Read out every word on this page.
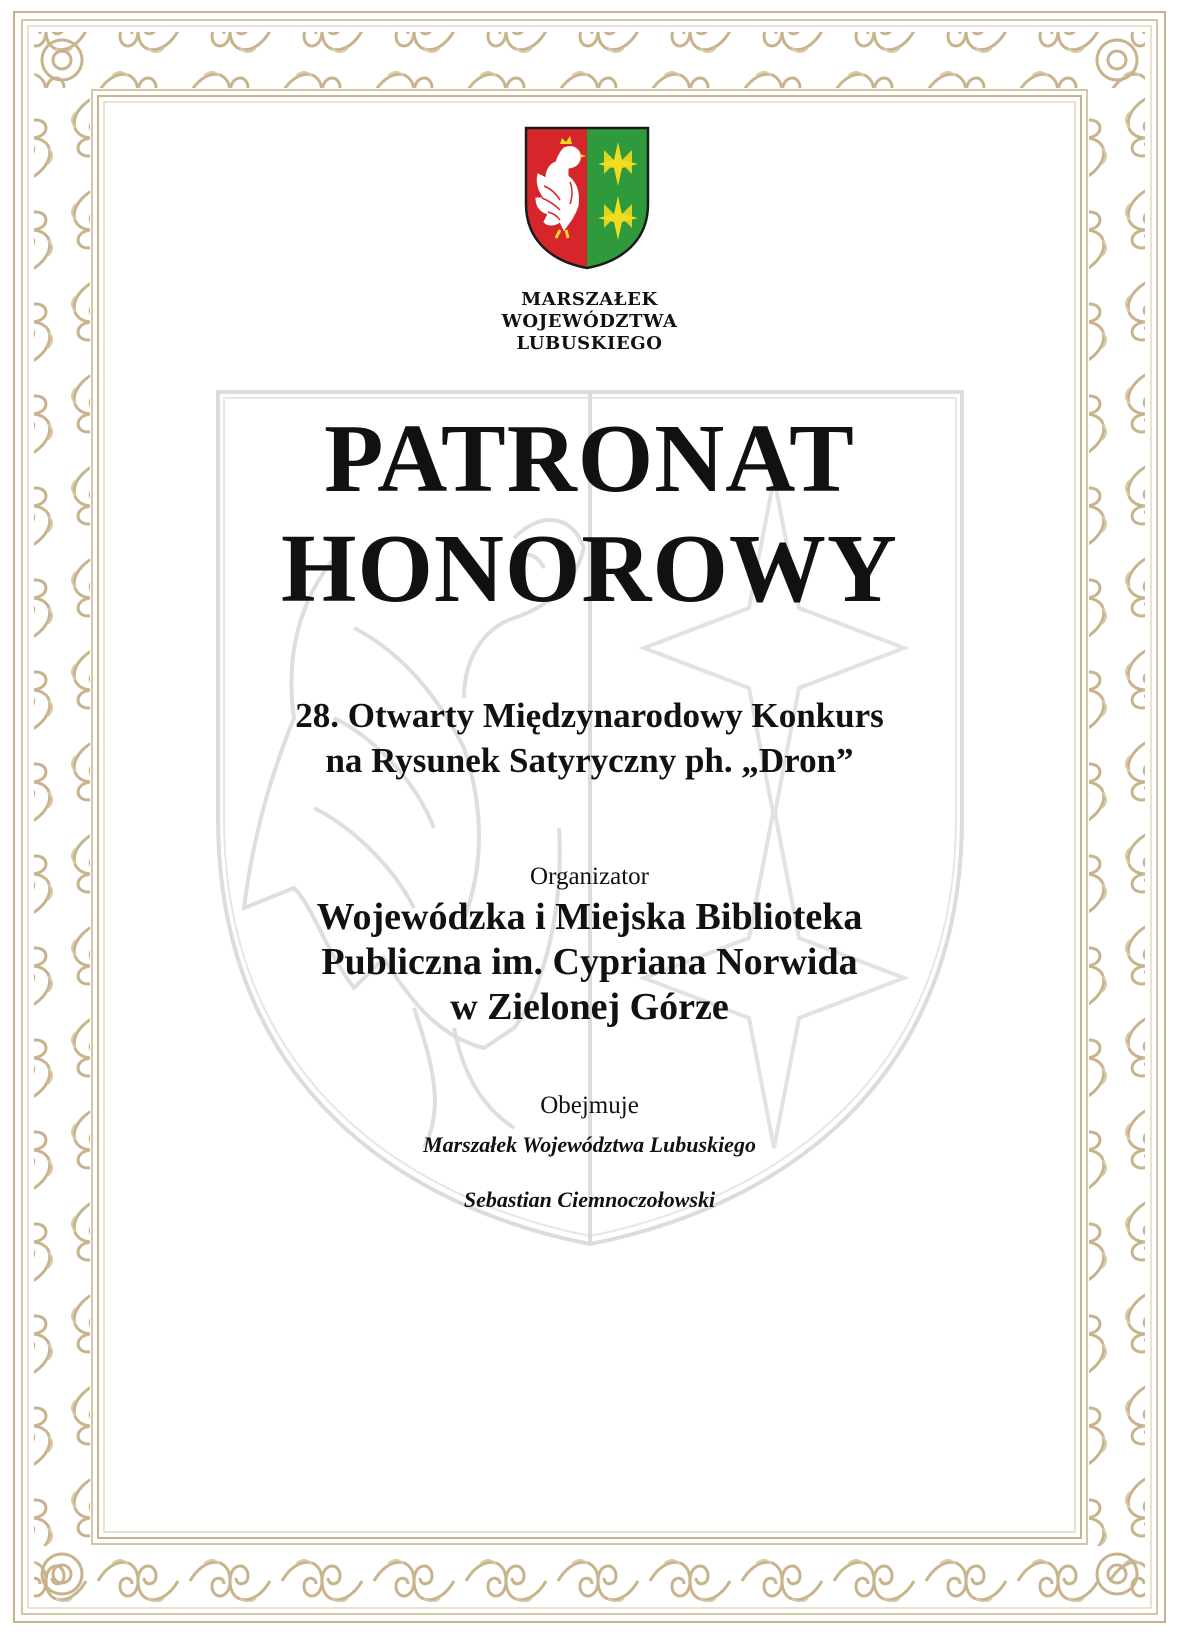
MARSZAŁEK
WOJEWÓDZTWA
LUBUSKIEGO
PATRONAT
HONOROWY
28. Otwarty Międzynarodowy Konkurs
na Rysunek Satyryczny ph. „Dron”
Organizator
Wojewódzka i Miejska Biblioteka
Publiczna im. Cypriana Norwida
w Zielonej Górze
Obejmuje
Marszałek Województwa Lubuskiego
Sebastian Ciemnoczołowski
